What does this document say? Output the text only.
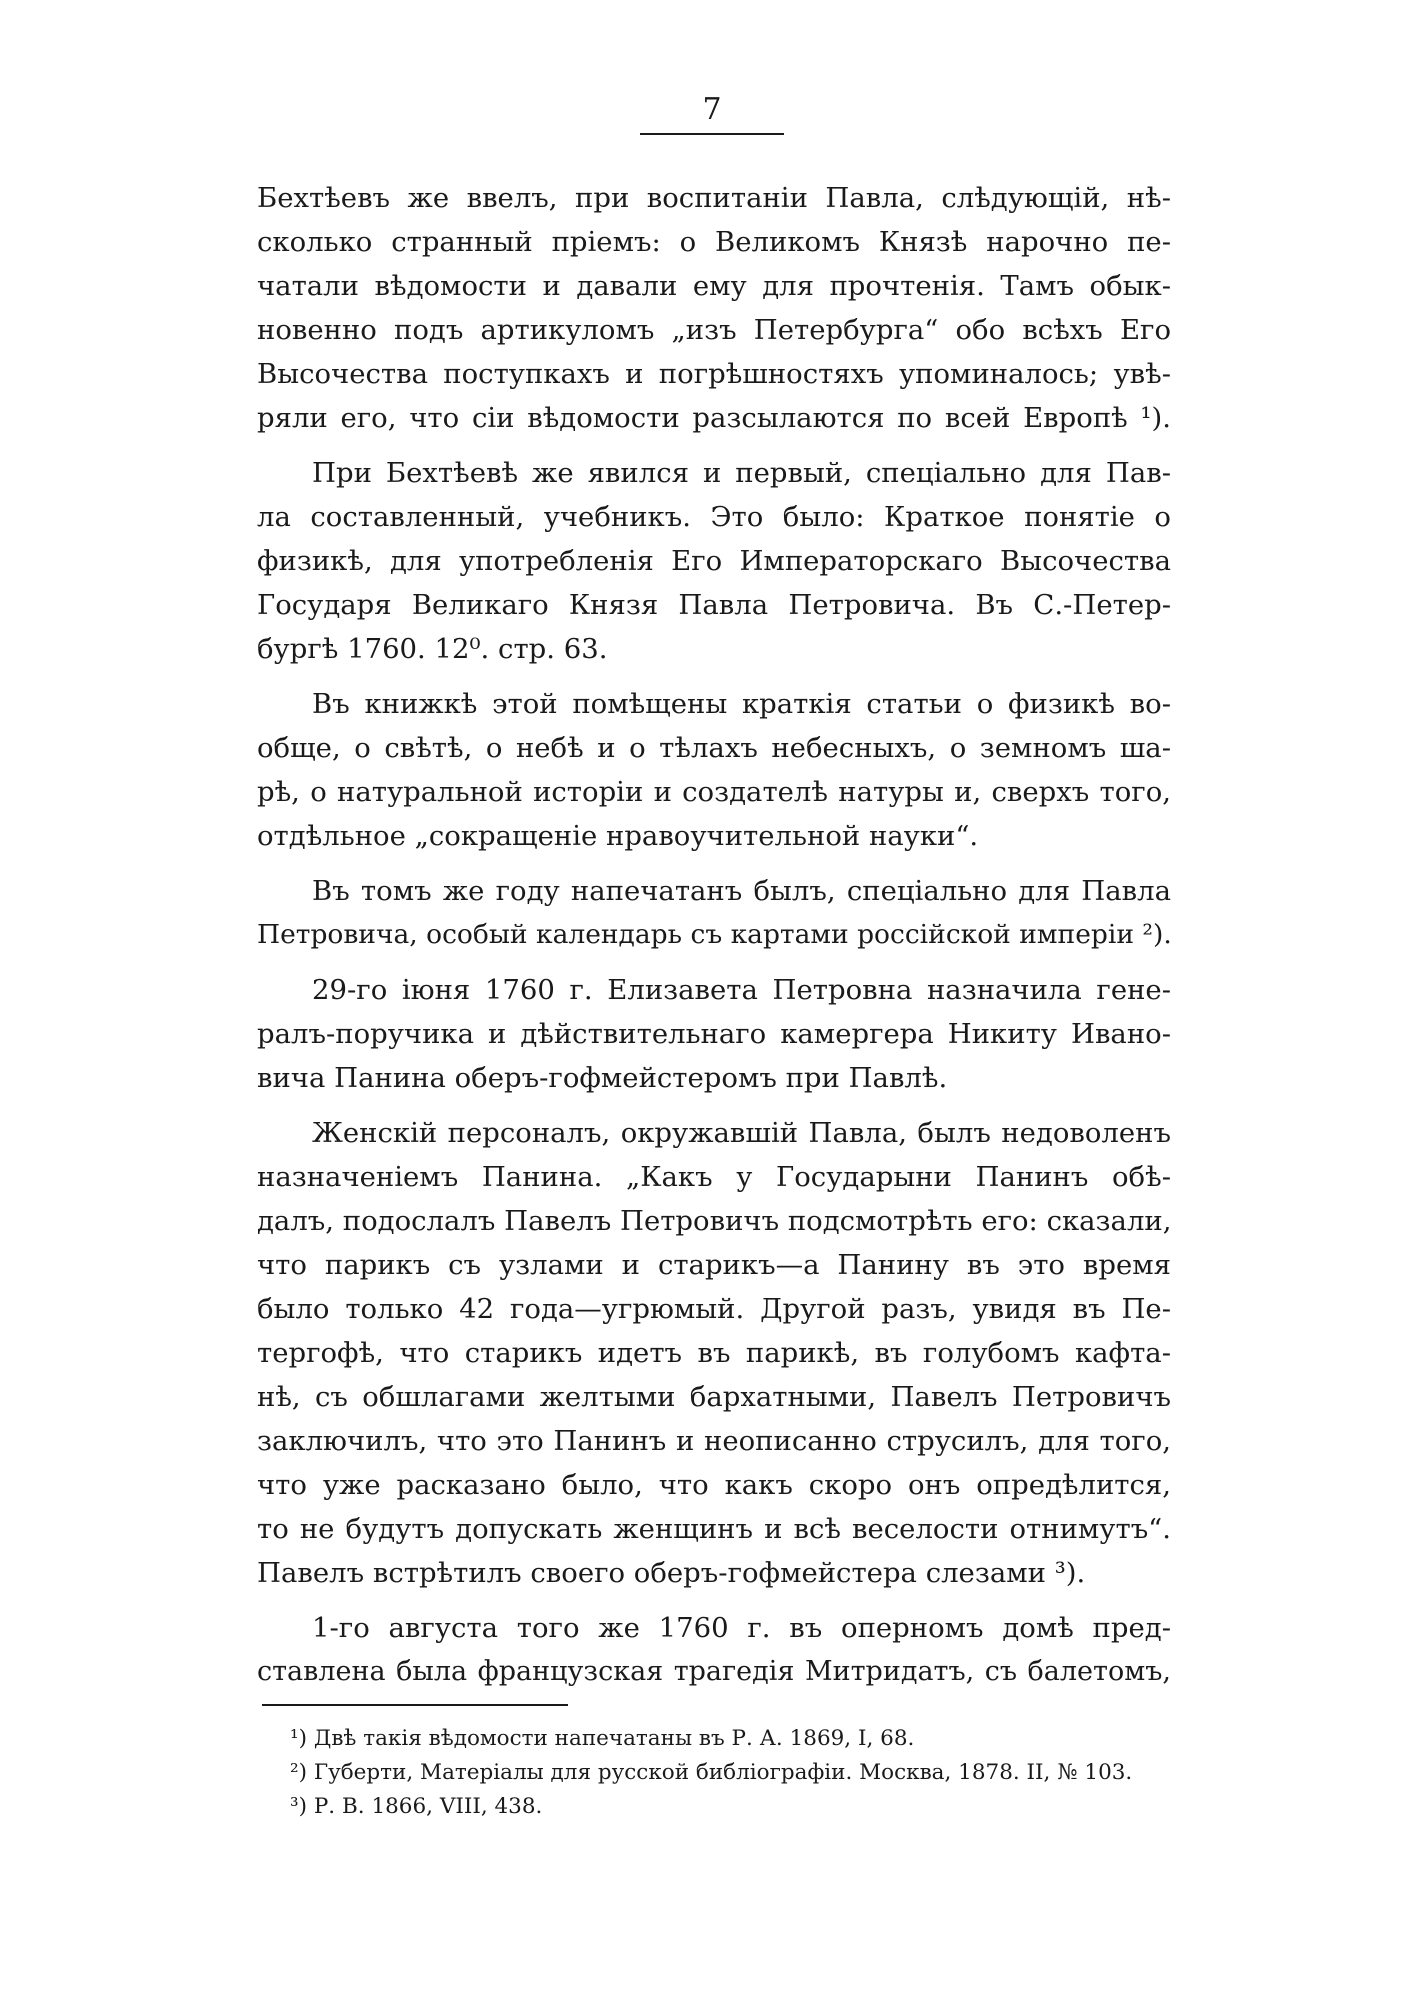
7
Бехтѣевъ же ввелъ, при воспитаніи Павла, слѣдующій, нѣ-
сколько странный пріемъ: о Великомъ Князѣ нарочно пе-
чатали вѣдомости и давали ему для прочтенія. Тамъ обык-
новенно подъ артикуломъ „изъ Петербурга“ обо всѣхъ Его
Высочества поступкахъ и погрѣшностяхъ упоминалось; увѣ-
ряли его, что сіи вѣдомости разсылаются по всей Европѣ ¹).
При Бехтѣевѣ же явился и первый, спеціально для Пав-
ла составленный, учебникъ. Это было: Краткое понятіе о
физикѣ, для употребленія Его Императорскаго Высочества
Государя Великаго Князя Павла Петровича. Въ С.-Петер-
бургѣ 1760. 12⁰. стр. 63.
Въ книжкѣ этой помѣщены краткія статьи о физикѣ во-
обще, о свѣтѣ, о небѣ и о тѣлахъ небесныхъ, о земномъ ша-
рѣ, о натуральной исторіи и создателѣ натуры и, сверхъ того,
отдѣльное „сокращеніе нравоучительной науки“.
Въ томъ же году напечатанъ былъ, спеціально для Павла
Петровича, особый календарь съ картами россійской имперіи ²).
29-го іюня 1760 г. Елизавета Петровна назначила гене-
ралъ-поручика и дѣйствительнаго камергера Никиту Ивано-
вича Панина оберъ-гофмейстеромъ при Павлѣ.
Женскій персоналъ, окружавшій Павла, былъ недоволенъ
назначеніемъ Панина. „Какъ у Государыни Панинъ обѣ-
далъ, подослалъ Павелъ Петровичъ подсмотрѣть его: сказали,
что парикъ съ узлами и старикъ—а Панину въ это время
было только 42 года—угрюмый. Другой разъ, увидя въ Пе-
тергофѣ, что старикъ идетъ въ парикѣ, въ голубомъ кафта-
нѣ, съ обшлагами желтыми бархатными, Павелъ Петровичъ
заключилъ, что это Панинъ и неописанно струсилъ, для того,
что уже расказано было, что какъ скоро онъ опредѣлится,
то не будутъ допускать женщинъ и всѣ веселости отнимутъ“.
Павелъ встрѣтилъ своего оберъ-гофмейстера слезами ³).
1-го августа того же 1760 г. въ оперномъ домѣ пред-
ставлена была французская трагедія Митридатъ, съ балетомъ,
¹) Двѣ такія вѣдомости напечатаны въ Р. А. 1869, I, 68.
²) Губерти, Матеріалы для русской библіографіи. Москва, 1878. II, № 103.
³) Р. В. 1866, VIII, 438.
